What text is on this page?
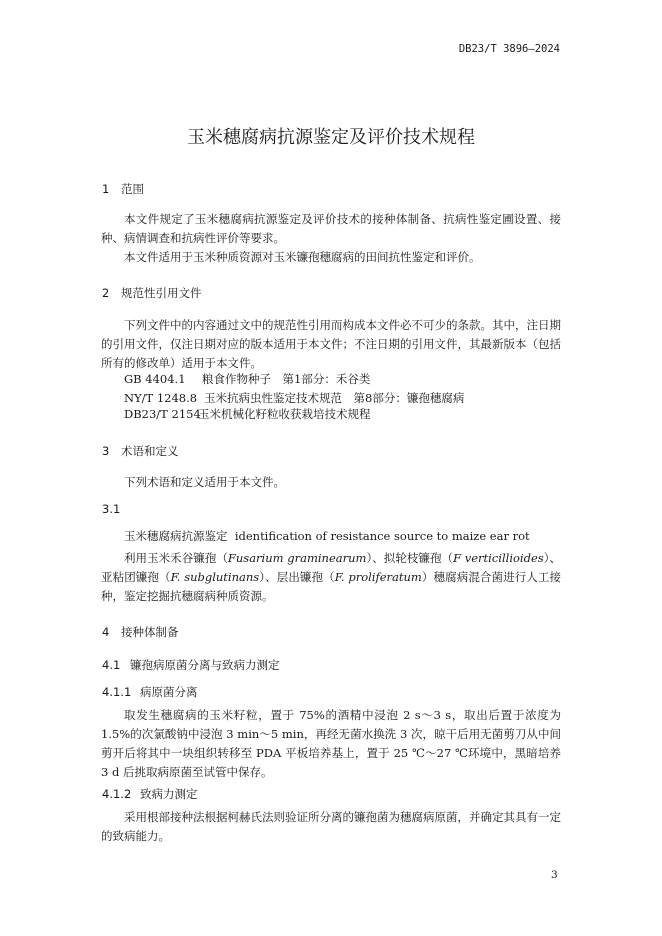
DB23/T 3896—2024
玉米穗腐病抗源鉴定及评价技术规程
1 范围
本文件规定了玉米穗腐病抗源鉴定及评价技术的接种体制备、抗病性鉴定圃设置、接种、病情调查和抗病性评价等要求。
本文件适用于玉米种质资源对玉米镰孢穗腐病的田间抗性鉴定和评价。
2 规范性引用文件
下列文件中的内容通过文中的规范性引用而构成本文件必不可少的条款。其中，注日期的引用文件，仅注日期对应的版本适用于本文件；不注日期的引用文件，其最新版本（包括所有的修改单）适用于本文件。
GB 4404.1 粮食作物种子　第1部分：禾谷类
NY/T 1248.8 玉米抗病虫性鉴定技术规范　第8部分：镰孢穗腐病
DB23/T 2154玉米机械化籽粒收获栽培技术规程
3 术语和定义
下列术语和定义适用于本文件。
3.1
玉米穗腐病抗源鉴定 identification of resistance source to maize ear rot
利用玉米禾谷镰孢（Fusarium graminearum）、拟轮枝镰孢（F verticillioides）、亚粘团镰孢（F. subglutinans）、层出镰孢（F. proliferatum）穗腐病混合菌进行人工接种，鉴定挖掘抗穗腐病种质资源。
4 接种体制备
4.1 镰孢病原菌分离与致病力测定
4.1.1 病原菌分离
取发生穗腐病的玉米籽粒，置于 75%的酒精中浸泡 2 s～3 s，取出后置于浓度为 1.5%的次氯酸钠中浸泡 3 min～5 min，再经无菌水换洗 3 次，晾干后用无菌剪刀从中间剪开后将其中一块组织转移至 PDA 平板培养基上，置于 25 ℃～27 ℃环境中，黑暗培养 3 d 后挑取病原菌至试管中保存。
4.1.2 致病力测定
采用根部接种法根据柯赫氏法则验证所分离的镰孢菌为穗腐病原菌，并确定其具有一定的致病能力。
3
